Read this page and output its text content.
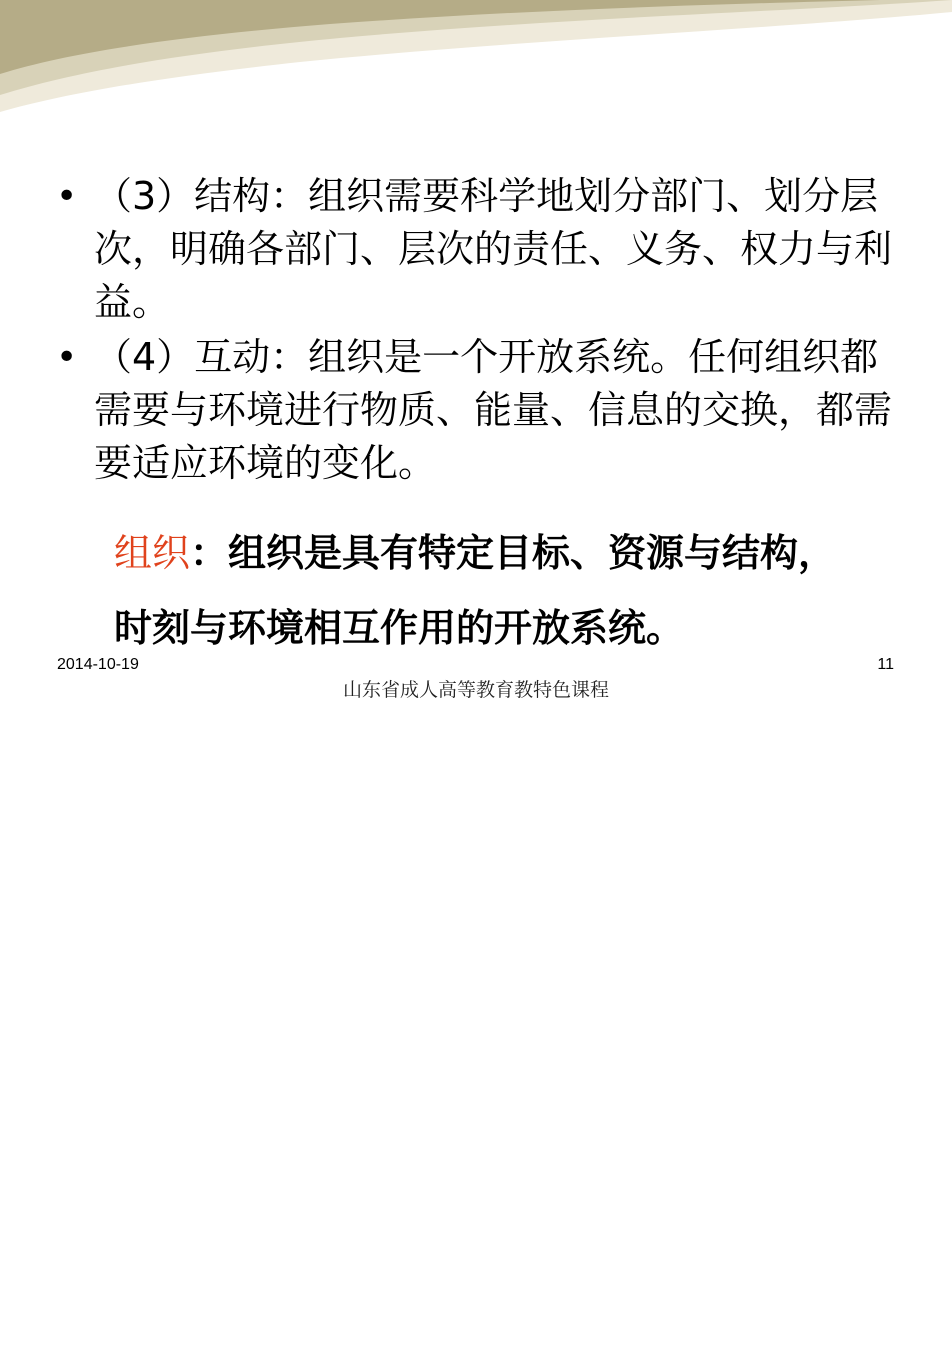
• （3）结构：组织需要科学地划分部门、划分层次，明确各部门、层次的责任、义务、权力与利益。
• （4）互动：组织是一个开放系统。任何组织都需要与环境进行物质、能量、信息的交换，都需要适应环境的变化。
组织：组织是具有特定目标、资源与结构，时刻与环境相互作用的开放系统。
2014-10-19	11
山东省成人高等教育教特色课程
